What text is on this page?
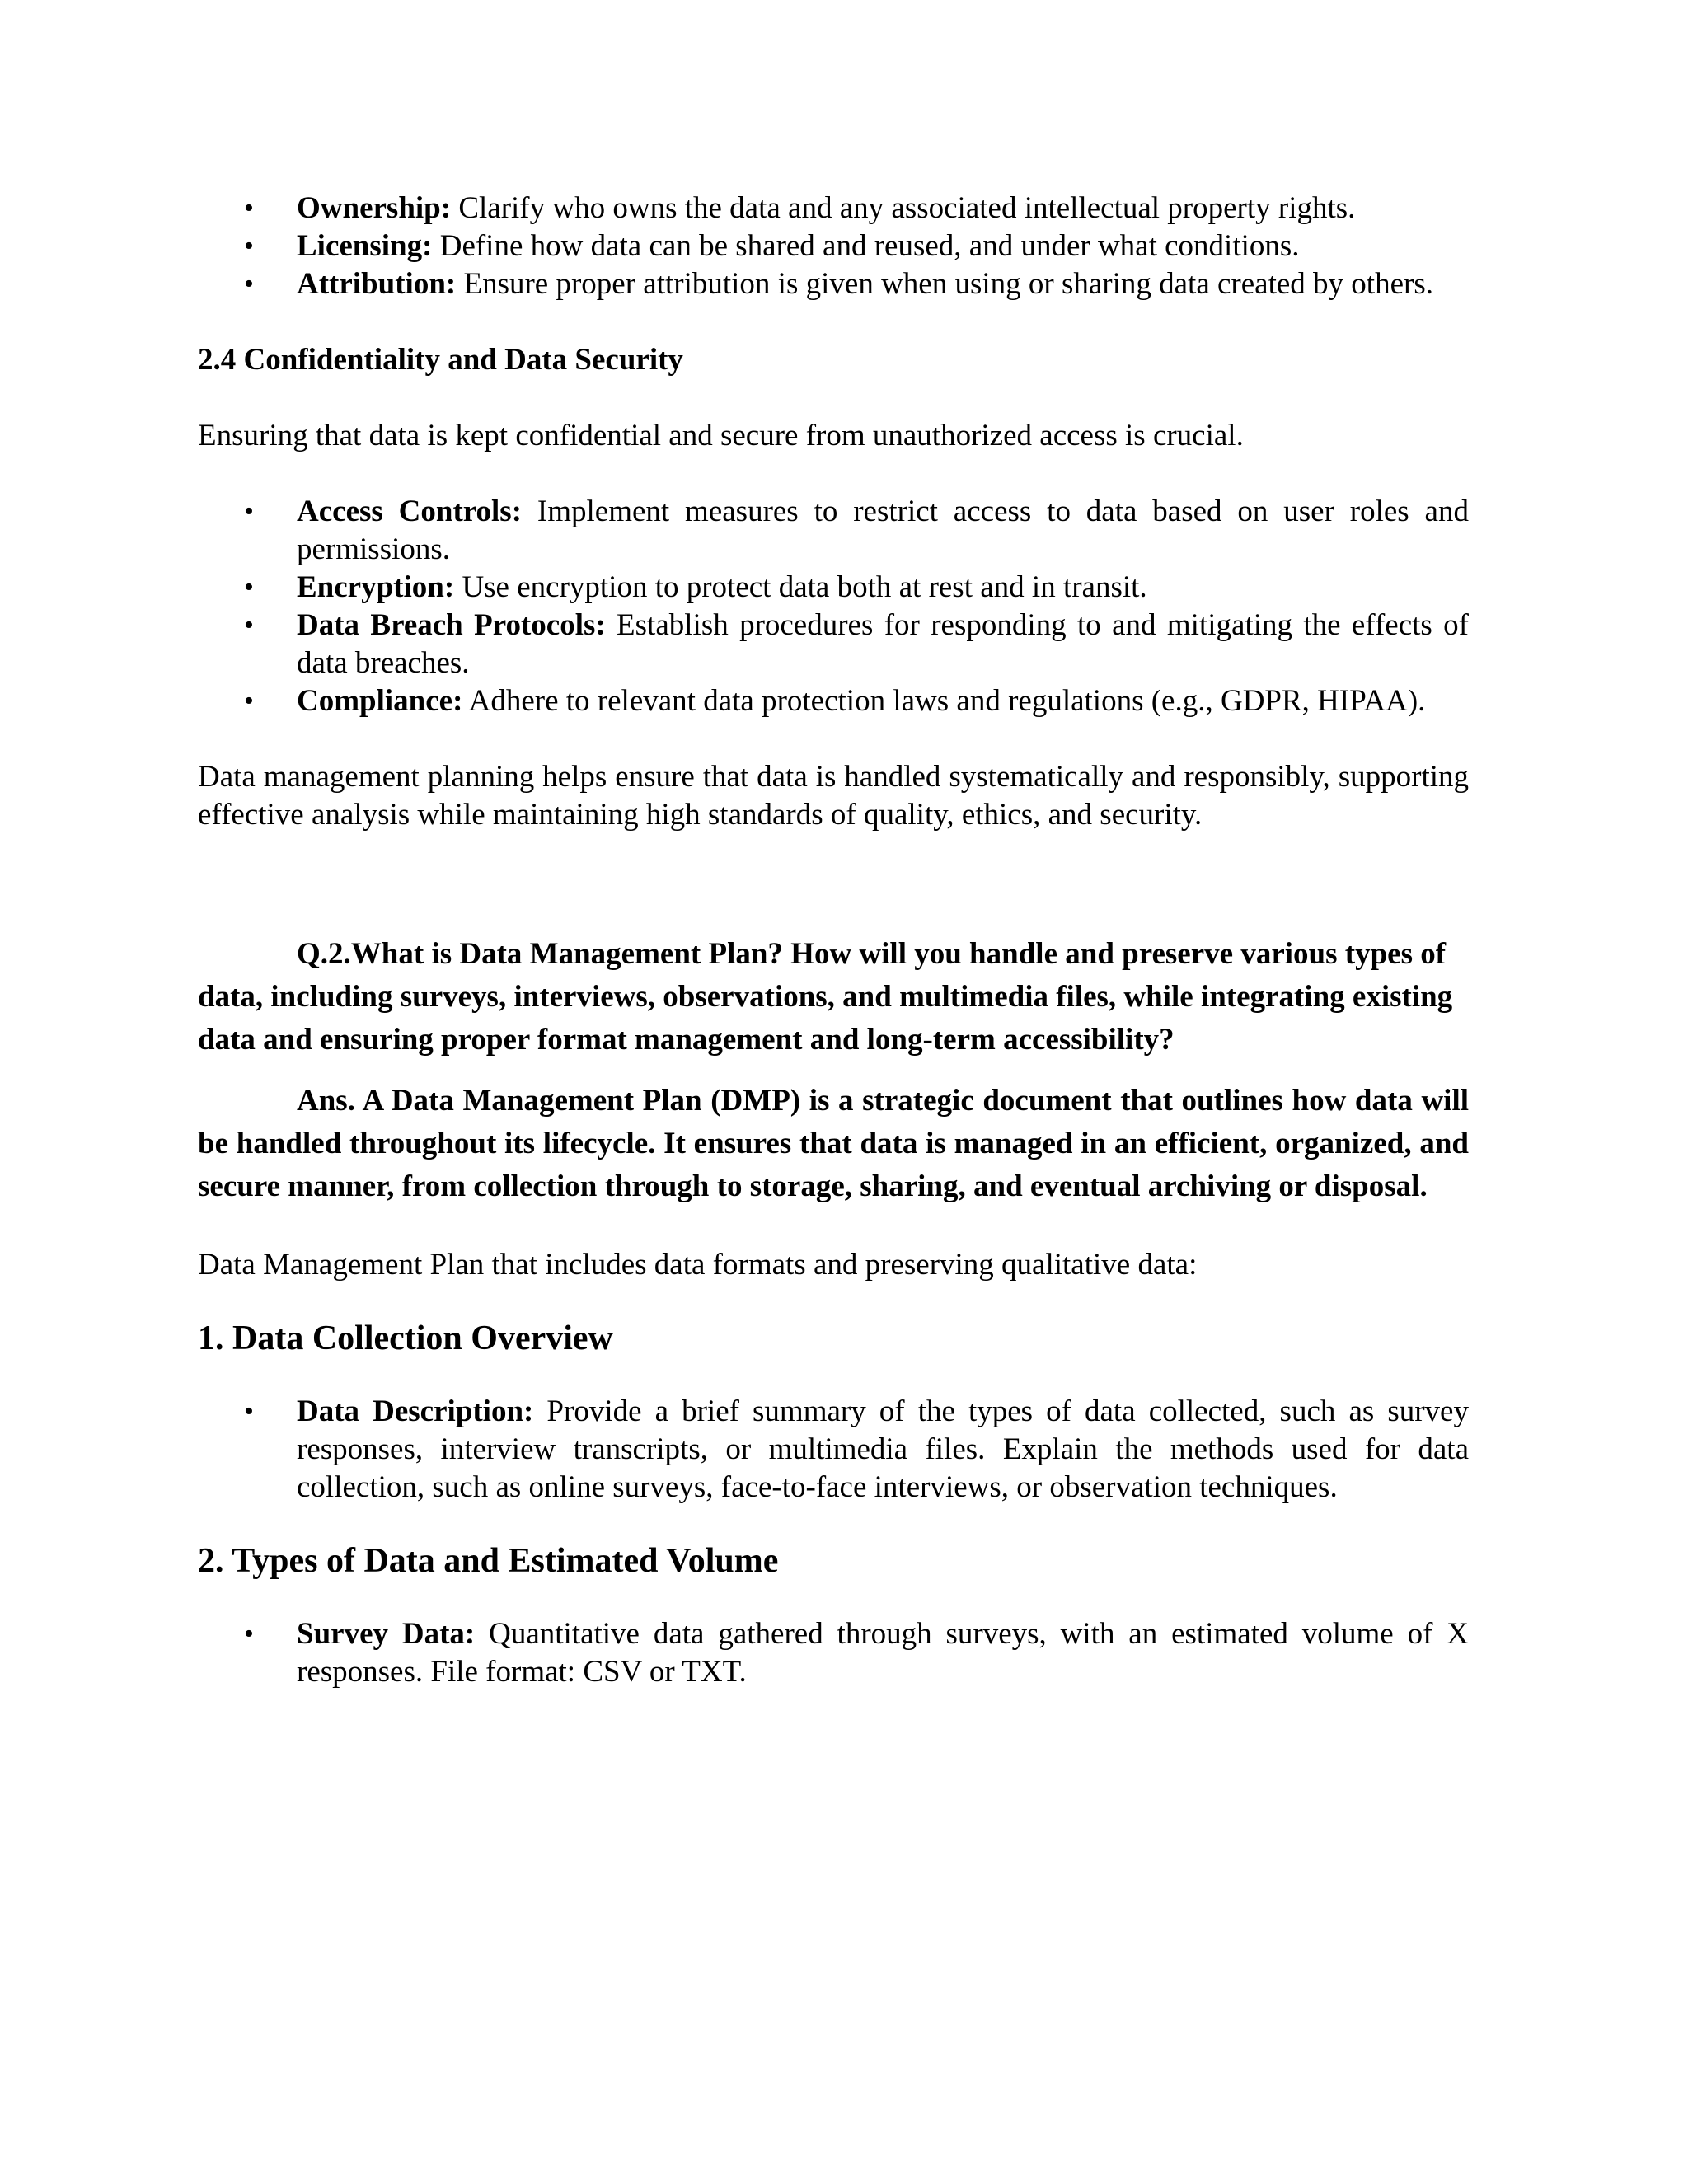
• Ownership: Clarify who owns the data and any associated intellectual property rights.
• Licensing: Define how data can be shared and reused, and under what conditions.
• Attribution: Ensure proper attribution is given when using or sharing data created by others.
2.4 Confidentiality and Data Security

Ensuring that data is kept confidential and secure from unauthorized access is crucial.

• Access Controls: Implement measures to restrict access to data based on user roles and permissions.
• Encryption: Use encryption to protect data both at rest and in transit.
• Data Breach Protocols: Establish procedures for responding to and mitigating the effects of data breaches.
• Compliance: Adhere to relevant data protection laws and regulations (e.g., GDPR, HIPAA).

Data management planning helps ensure that data is handled systematically and responsibly, supporting effective analysis while maintaining high standards of quality, ethics, and security.

Q.2.What is Data Management Plan? How will you handle and preserve various types of data, including surveys, interviews, observations, and multimedia files, while integrating existing data and ensuring proper format management and long-term accessibility?

Ans. A Data Management Plan (DMP) is a strategic document that outlines how data will be handled throughout its lifecycle. It ensures that data is managed in an efficient, organized, and secure manner, from collection through to storage, sharing, and eventual archiving or disposal.

Data Management Plan that includes data formats and preserving qualitative data:

1. Data Collection Overview
• Data Description: Provide a brief summary of the types of data collected, such as survey responses, interview transcripts, or multimedia files. Explain the methods used for data collection, such as online surveys, face-to-face interviews, or observation techniques.
2. Types of Data and Estimated Volume
• Survey Data: Quantitative data gathered through surveys, with an estimated volume of X responses. File format: CSV or TXT.
